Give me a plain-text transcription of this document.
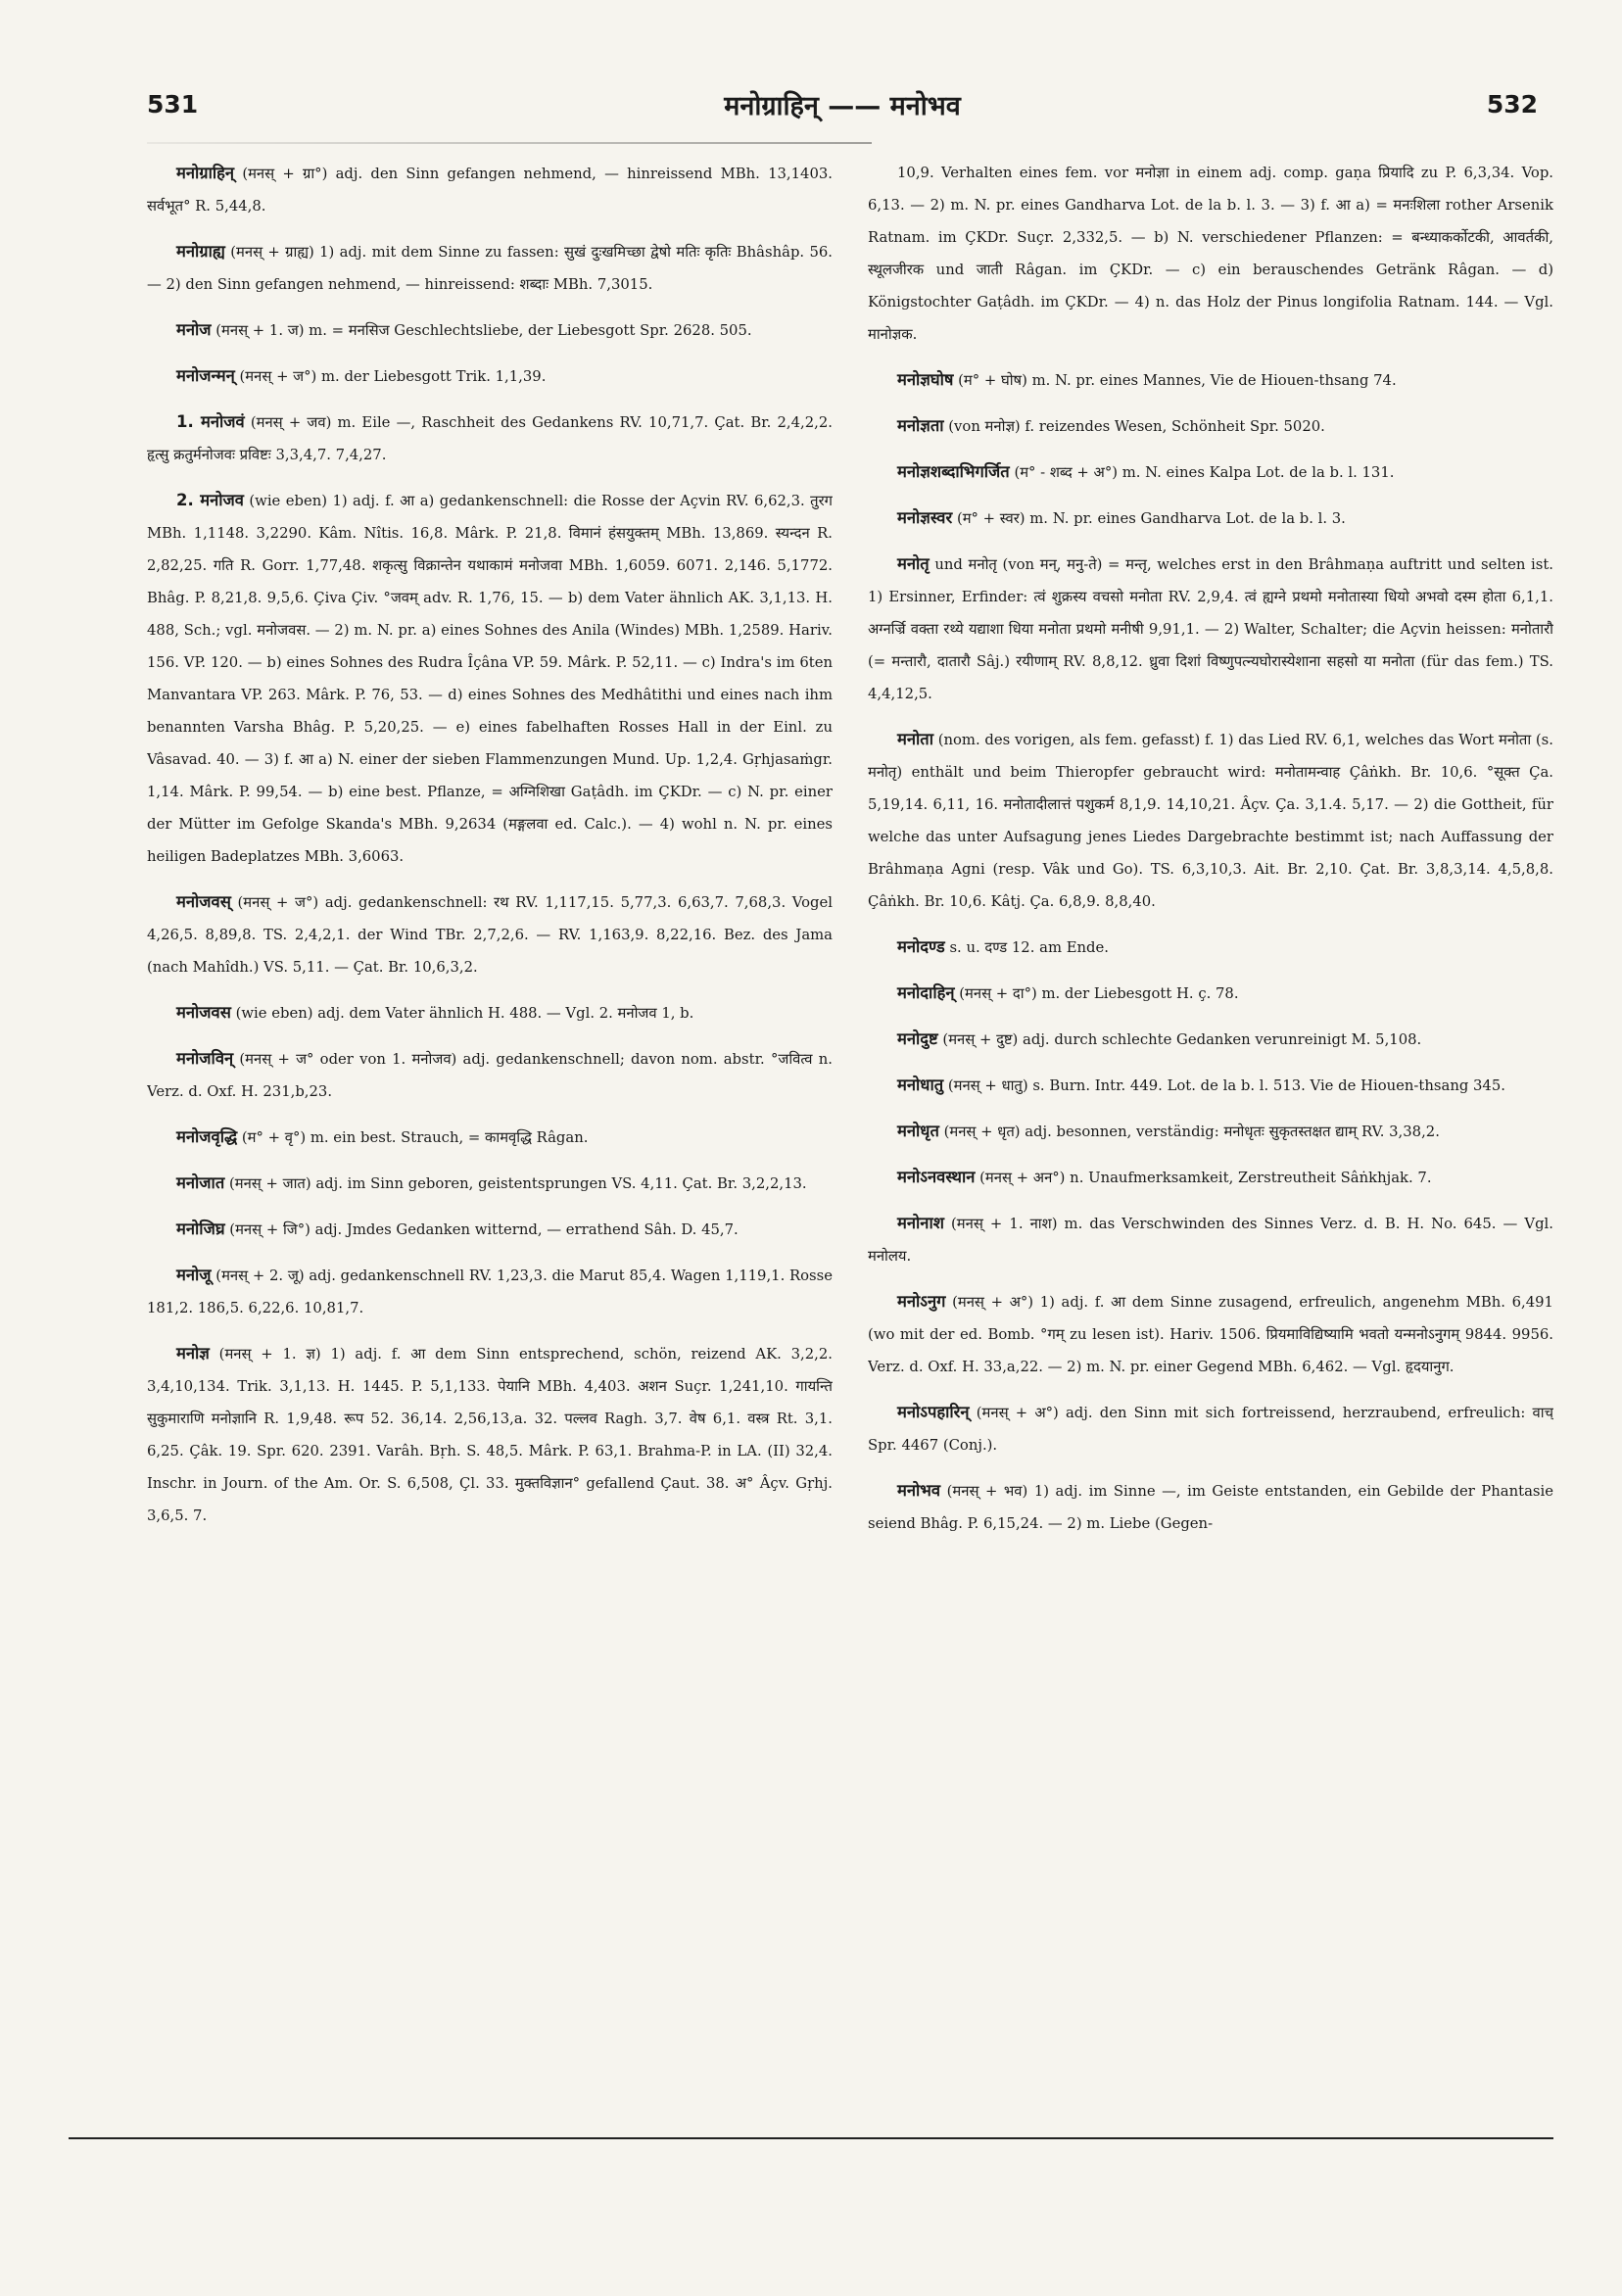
531	मनोग्राहिन् —— मनोभव	532

मनोग्राहिन् (मनस् + ग्रा°) adj. den Sinn gefangen nehmend, — hinreissend MBh. 13,1403. सर्वभूत° R. 5,44,8.

मनोग्राह्य (मनस् + ग्राह्य) 1) adj. mit dem Sinne zu fassen: सुखं दुःखमिच्छा द्वेषो मतिः कृतिः Bhâshâp. 56. — 2) den Sinn gefangen nehmend, — hinreissend: शब्दाः MBh. 7,3015.

मनोज (मनस् + 1. ज) m. = मनसिज Geschlechtsliebe, der Liebesgott Spr. 2628. 505.

मनोजन्मन् (मनस् + ज°) m. der Liebesgott Trik. 1,1,39.

1. मनोजवं (मनस् + जव) m. Eile —, Raschheit des Gedankens RV. 10,71,7. Çat. Br. 2,4,2,2. हृत्सु क्रतुर्मनोजवः प्रविष्टः 3,3,4,7. 7,4,27.

2. मनोजव (wie eben) 1) adj. f. आ a) gedankenschnell: die Rosse der Açvin RV. 6,62,3. तुरग MBh. 1,1148. 3,2290. Kâm. Nîtis. 16,8. Mârk. P. 21,8. विमानं हंसयुक्तम् MBh. 13,869. स्यन्दन R. 2,82,25. गति R. Gorr. 1,77,48. शकृत्सु विक्रान्तेन यथाकामं मनोजवा MBh. 1,6059. 6071. 2,146. 5,1772. Bhâg. P. 8,21,8. 9,5,6. Çiva Çiv. °जवम् adv. R. 1,76, 15. — b) dem Vater ähnlich AK. 3,1,13. H. 488, Sch.; vgl. मनोजवस. — 2) m. N. pr. a) eines Sohnes des Anila (Windes) MBh. 1,2589. Hariv. 156. VP. 120. — b) eines Sohnes des Rudra Îçâna VP. 59. Mârk. P. 52,11. — c) Indra's im 6ten Manvantara VP. 263. Mârk. P. 76, 53. — d) eines Sohnes des Medhâtithi und eines nach ihm benannten Varsha Bhâg. P. 5,20,25. — e) eines fabelhaften Rosses Hall in der Einl. zu Vâsavad. 40. — 3) f. आ a) N. einer der sieben Flammenzungen Mund. Up. 1,2,4. Gṛhjasaṁgr. 1,14. Mârk. P. 99,54. — b) eine best. Pflanze, = अग्निशिखा Gaṭâdh. im ÇKDr. — c) N. pr. einer der Mütter im Gefolge Skanda's MBh. 9,2634 (मङ्गलवा ed. Calc.). — 4) wohl n. N. pr. eines heiligen Badeplatzes MBh. 3,6063.

मनोजवस् (मनस् + ज°) adj. gedankenschnell: रथ RV. 1,117,15. 5,77,3. 6,63,7. 7,68,3. Vogel 4,26,5. 8,89,8. TS. 2,4,2,1. der Wind TBr. 2,7,2,6. — RV. 1,163,9. 8,22,16. Bez. des Jama (nach Mahîdh.) VS. 5,11. — Çat. Br. 10,6,3,2.

मनोजवस (wie eben) adj. dem Vater ähnlich H. 488. — Vgl. 2. मनोजव 1, b.

मनोजविन् (मनस् + ज° oder von 1. मनोजव) adj. gedankenschnell; davon nom. abstr. °जवित्व n. Verz. d. Oxf. H. 231,b,23.

मनोजवृद्धि (म° + वृ°) m. ein best. Strauch, = कामवृद्धि Râgan.

मनोजात (मनस् + जात) adj. im Sinn geboren, geistentsprungen VS. 4,11. Çat. Br. 3,2,2,13.

मनोजिघ्र (मनस् + जि°) adj. Jmdes Gedanken witternd, — errathend Sâh. D. 45,7.

मनोजू (मनस् + 2. जू) adj. gedankenschnell RV. 1,23,3. die Marut 85,4. Wagen 1,119,1. Rosse 181,2. 186,5. 6,22,6. 10,81,7.

मनोज्ञ (मनस् + 1. ज्ञ) 1) adj. f. आ dem Sinn entsprechend, schön, reizend AK. 3,2,2. 3,4,10,134. Trik. 3,1,13. H. 1445. P. 5,1,133. पेयानि MBh. 4,403. अशन Suçr. 1,241,10. गायन्ति सुकुमाराणि मनोज्ञानि R. 1,9,48. रूप 52. 36,14. 2,56,13,a. 32. पल्लव Ragh. 3,7. वेष 6,1. वस्त्र Rt. 3,1. 6,25. Çâk. 19. Spr. 620. 2391. Varâh. Bṛh. S. 48,5. Mârk. P. 63,1. Brahma-P. in LA. (II) 32,4. Inschr. in Journ. of the Am. Or. S. 6,508, Çl. 33. मुक्तविज्ञान° gefallend Çaut. 38. अ° Âçv. Gṛhj. 3,6,5. 7.

10,9. Verhalten eines fem. vor मनोज्ञा in einem adj. comp. gaṇa प्रियादि zu P. 6,3,34. Vop. 6,13. — 2) m. N. pr. eines Gandharva Lot. de la b. l. 3. — 3) f. आ a) = मनःशिला rother Arsenik Ratnam. im ÇKDr. Suçr. 2,332,5. — b) N. verschiedener Pflanzen: = बन्ध्याकर्कोटकी, आवर्तकी, स्थूलजीरक und जाती Râgan. im ÇKDr. — c) ein berauschendes Getränk Râgan. — d) Königstochter Gaṭâdh. im ÇKDr. — 4) n. das Holz der Pinus longifolia Ratnam. 144. — Vgl. मानोज्ञक.

मनोज्ञघोष (म° + घोष) m. N. pr. eines Mannes, Vie de Hiouen-thsang 74.

मनोज्ञता (von मनोज्ञ) f. reizendes Wesen, Schönheit Spr. 5020.

मनोज्ञशब्दाभिगर्जित (म° - शब्द + अ°) m. N. eines Kalpa Lot. de la b. l. 131.

मनोज्ञस्वर (म° + स्वर) m. N. pr. eines Gandharva Lot. de la b. l. 3.

मनोतृ und मनोतृ (von मन्, मनु-ते) = मन्तृ, welches erst in den Brâhmaṇa auftritt und selten ist. 1) Ersinner, Erfinder: त्वं शुक्रस्य वचसो मनोता RV. 2,9,4. त्वं ह्यग्ने प्रथमो मनोतास्या धियो अभवो दस्म होता 6,1,1. अग्नर्ज्रि वक्ता रथ्ये यद्याशा धिया मनोता प्रथमो मनीषी 9,91,1. — 2) Walter, Schalter; die Açvin heissen: मनोतारौ (= मन्तारौ, दातारौ Sâj.) रयीणाम् RV. 8,8,12. ध्रुवा दिशां विष्णुपत्न्यघोरास्येशाना सहसो या मनोता (für das fem.) TS. 4,4,12,5.

मनोता (nom. des vorigen, als fem. gefasst) f. 1) das Lied RV. 6,1, welches das Wort मनोता (s. मनोतृ) enthält und beim Thieropfer gebraucht wird: मनोतामन्वाह Çâṅkh. Br. 10,6. °सूक्त Ça. 5,19,14. 6,11, 16. मनोतादीलात्तं पशुकर्म 8,1,9. 14,10,21. Âçv. Ça. 3,1.4. 5,17. — 2) die Gottheit, für welche das unter Aufsagung jenes Liedes Dargebrachte bestimmt ist; nach Auffassung der Brâhmaṇa Agni (resp. Vâk und Go). TS. 6,3,10,3. Ait. Br. 2,10. Çat. Br. 3,8,3,14. 4,5,8,8. Çâṅkh. Br. 10,6. Kâtj. Ça. 6,8,9. 8,8,40.

मनोदण्ड s. u. दण्ड 12. am Ende.

मनोदाहिन् (मनस् + दा°) m. der Liebesgott H. ç. 78.

मनोदुष्ट (मनस् + दुष्ट) adj. durch schlechte Gedanken verunreinigt M. 5,108.

मनोधातु (मनस् + धातु) s. Burn. Intr. 449. Lot. de la b. l. 513. Vie de Hiouen-thsang 345.

मनोधृत (मनस् + धृत) adj. besonnen, verständig: मनोधृतः सुकृतस्तक्षत द्याम् RV. 3,38,2.

मनोऽनवस्थान (मनस् + अन°) n. Unaufmerksamkeit, Zerstreutheit Sâṅkhjak. 7.

मनोनाश (मनस् + 1. नाश) m. das Verschwinden des Sinnes Verz. d. B. H. No. 645. — Vgl. मनोलय.

मनोऽनुग (मनस् + अ°) 1) adj. f. आ dem Sinne zusagend, erfreulich, angenehm MBh. 6,491 (wo mit der ed. Bomb. °गम् zu lesen ist). Hariv. 1506. प्रियमाविद्यिष्यामि भवतो यन्मनोऽनुगम् 9844. 9956. Verz. d. Oxf. H. 33,a,22. — 2) m. N. pr. einer Gegend MBh. 6,462. — Vgl. हृदयानुग.

मनोऽपहारिन् (मनस् + अ°) adj. den Sinn mit sich fortreissend, herzraubend, erfreulich: वाच् Spr. 4467 (Conj.).

मनोभव (मनस् + भव) 1) adj. im Sinne —, im Geiste entstanden, ein Gebilde der Phantasie seiend Bhâg. P. 6,15,24. — 2) m. Liebe (Gegen-
